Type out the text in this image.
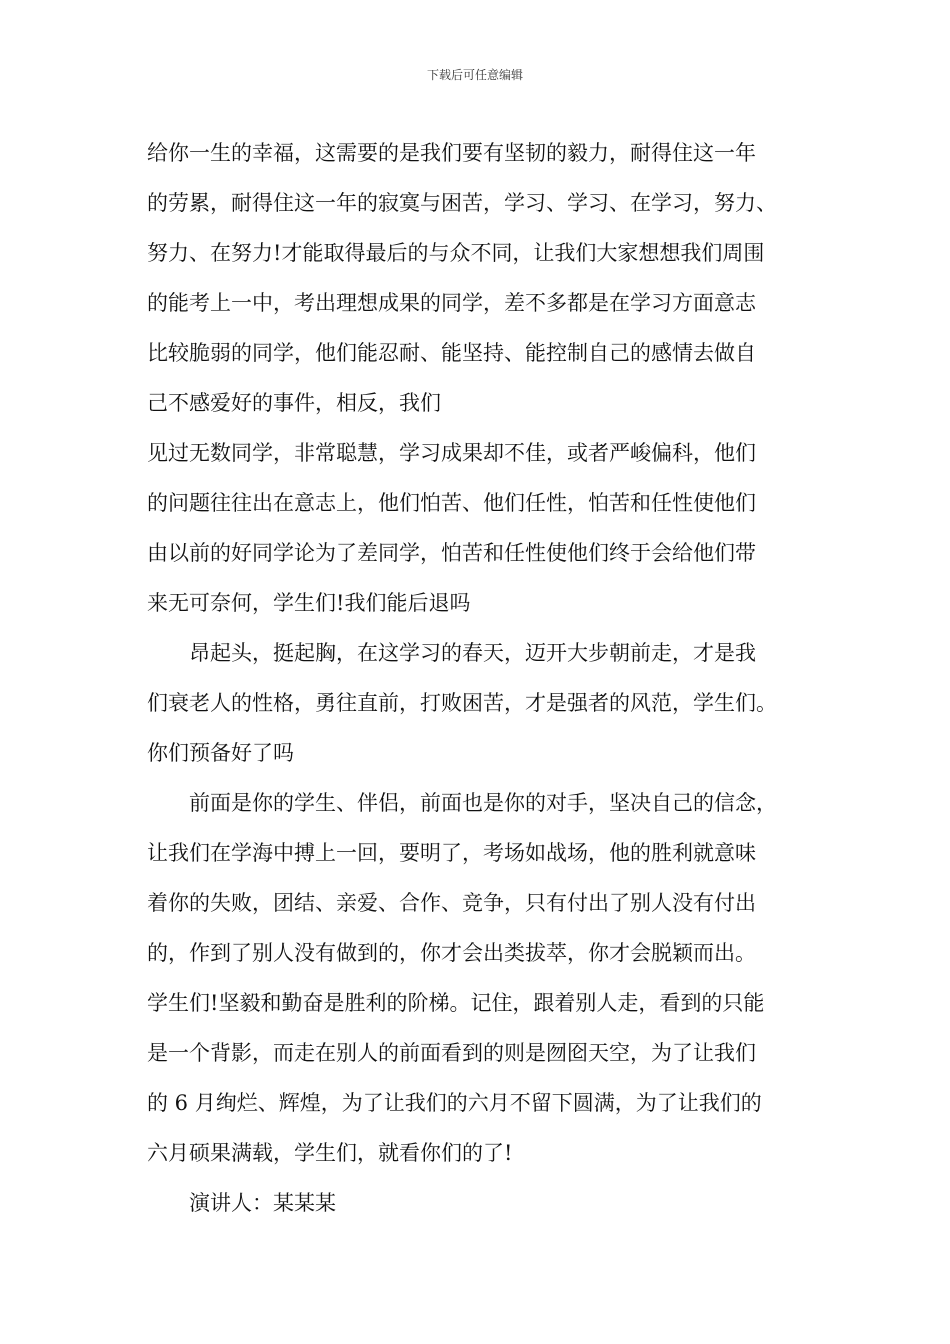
下载后可任意编辑
给你一生的幸福，这需要的是我们要有坚韧的毅力，耐得住这一年
的劳累，耐得住这一年的寂寞与困苦，学习、学习、在学习，努力、
努力、在努力!才能取得最后的与众不同，让我们大家想想我们周围
的能考上一中，考出理想成果的同学，差不多都是在学习方面意志
比较脆弱的同学，他们能忍耐、能坚持、能控制自己的感情去做自
己不感爱好的事件，相反，我们
见过无数同学，非常聪慧，学习成果却不佳，或者严峻偏科，他们
的问题往往出在意志上，他们怕苦、他们任性，怕苦和任性使他们
由以前的好同学论为了差同学，怕苦和任性使他们终于会给他们带
来无可奈何，学生们!我们能后退吗
昂起头，挺起胸，在这学习的春天，迈开大步朝前走，才是我
们衰老人的性格，勇往直前，打败困苦，才是强者的风范，学生们。
你们预备好了吗
前面是你的学生、伴侣，前面也是你的对手，坚决自己的信念，
让我们在学海中搏上一回，要明了，考场如战场，他的胜利就意味
着你的失败，团结、亲爱、合作、竞争，只有付出了别人没有付出
的，作到了别人没有做到的，你才会出类拔萃，你才会脱颖而出。
学生们!坚毅和勤奋是胜利的阶梯。记住，跟着别人走，看到的只能
是一个背影，而走在别人的前面看到的则是囫囵天空，为了让我们
的 6 月绚烂、辉煌，为了让我们的六月不留下圆满，为了让我们的
六月硕果满载，学生们，就看你们的了!
演讲人：某某某
